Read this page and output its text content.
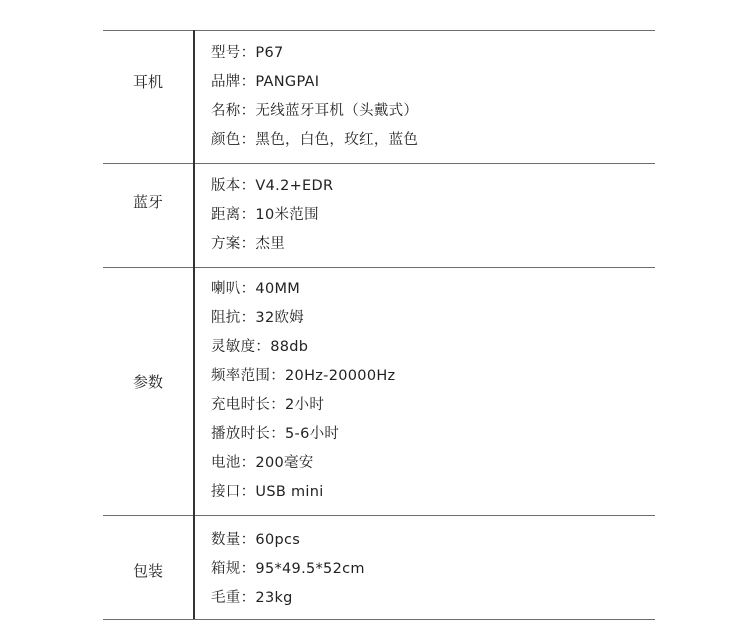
耳机
型号：P67
品牌：PANGPAI
名称：无线蓝牙耳机（头戴式）
颜色：黑色，白色，玫红，蓝色
蓝牙
版本：V4.2+EDR
距离：10米范围
方案：杰里
参数
喇叭：40MM
阻抗：32欧姆
灵敏度：88db
频率范围：20Hz-20000Hz
充电时长：2小时
播放时长：5-6小时
电池：200毫安
接口：USB mini
包装
数量：60pcs
箱规：95*49.5*52cm
毛重：23kg
